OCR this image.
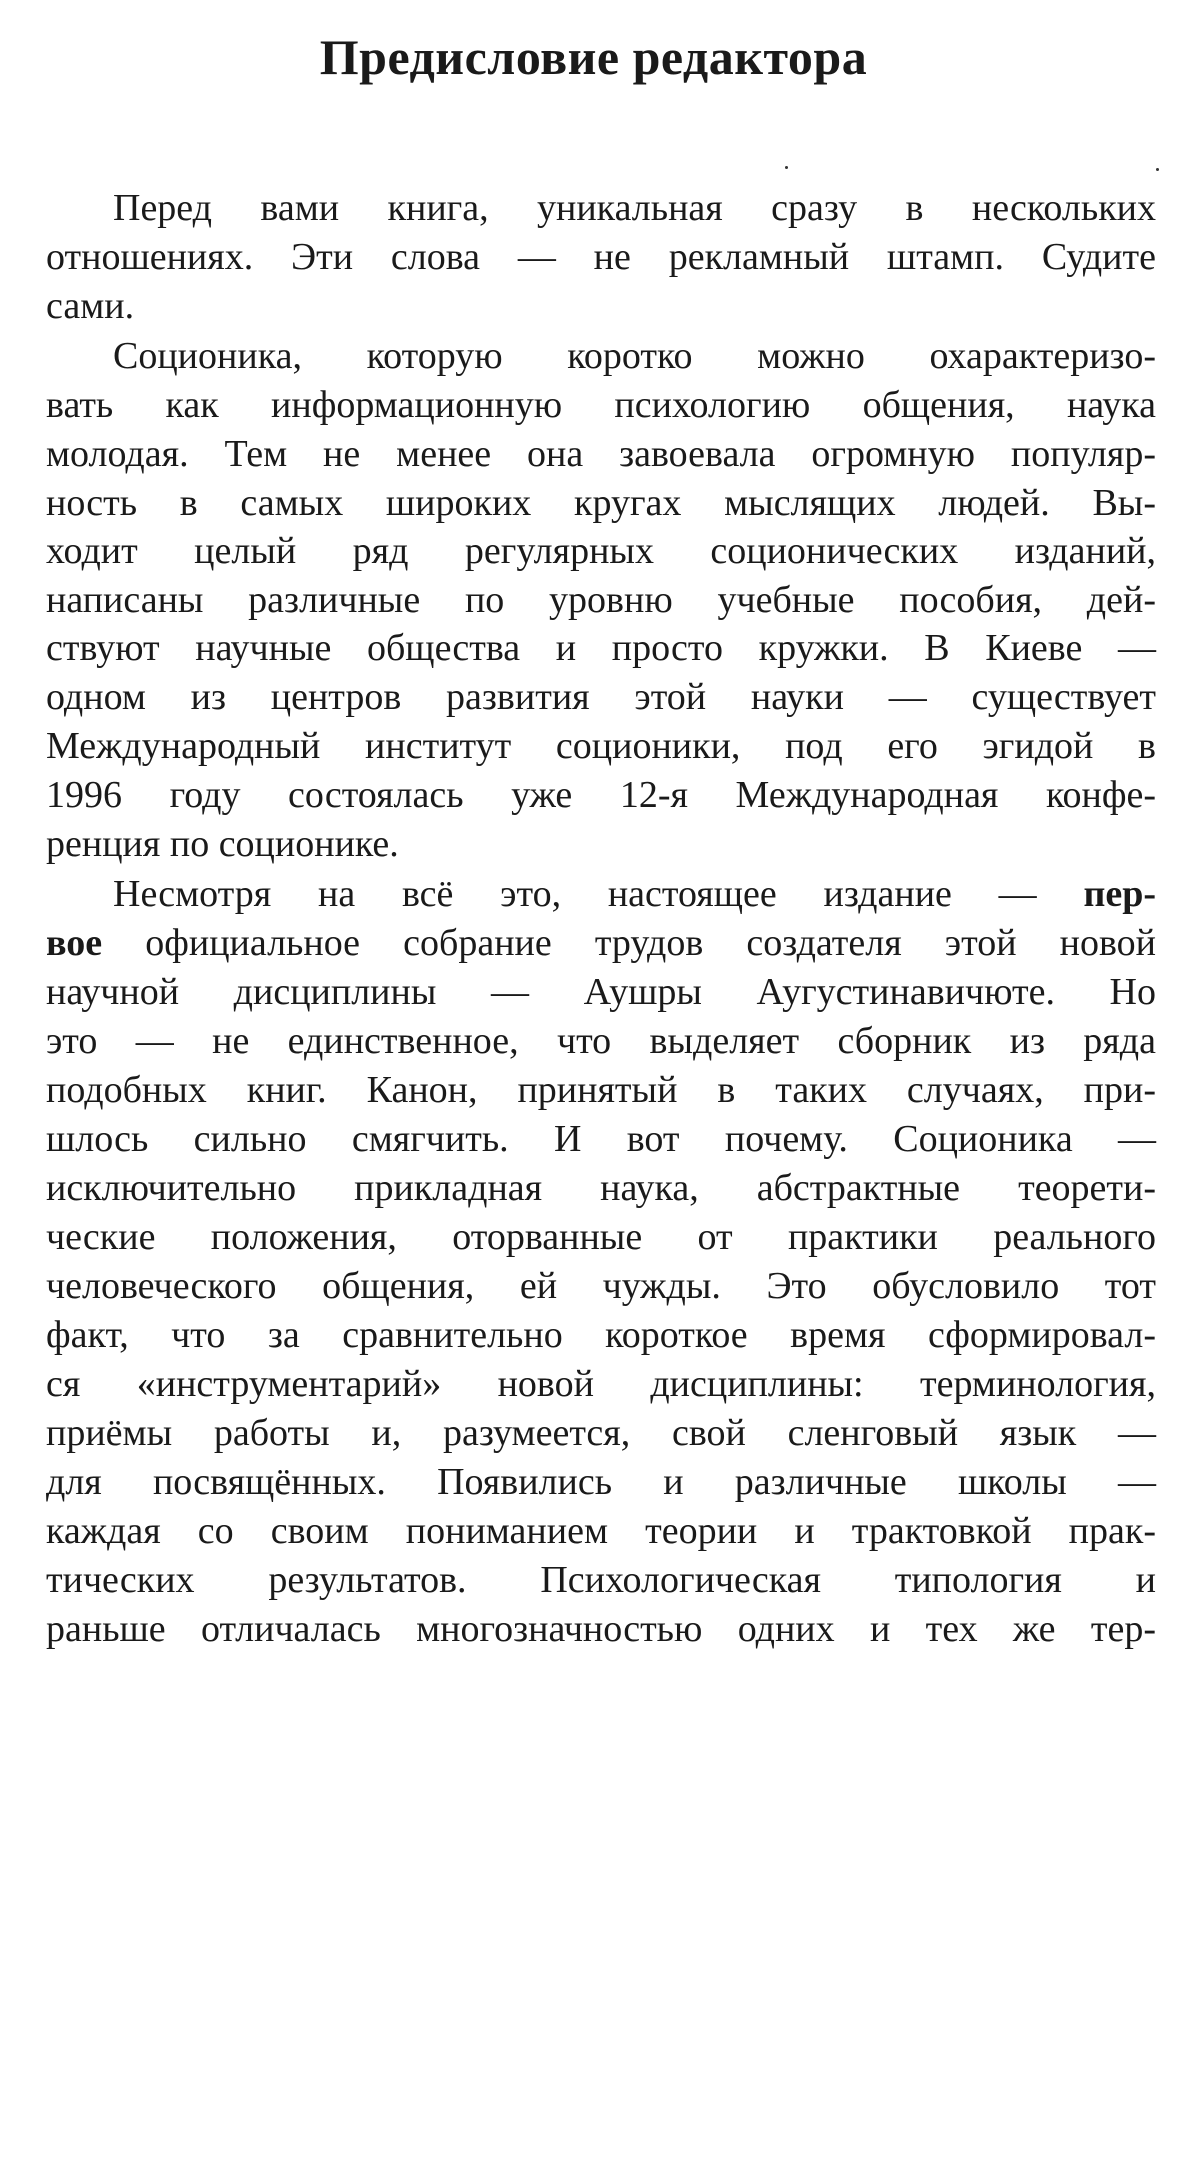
Предисловие редактора

Перед вами книга, уникальная сразу в нескольких

отношениях. Эти слова — не рекламный штамп. Судите

сами.

Соционика, которую коротко можно охарактеризо-

вать как информационную психологию общения, наука

молодая. Тем не менее она завоевала огромную популяр-

ность в самых широких кругах мыслящих людей. Вы-

ходит целый ряд регулярных соционических изданий,

написаны различные по уровню учебные пособия, дей-

ствуют научные общества и просто кружки. В Киеве —

одном из центров развития этой науки — существует

Международный институт соционики, под его эгидой в

1996 году состоялась уже 12-я Международная конфе-

ренция по соционике.

Несмотря на всё это, настоящее издание — пер-

вое официальное собрание трудов создателя этой новой

научной дисциплины — Аушры Аугустинавичюте. Но

это — не единственное, что выделяет сборник из ряда

подобных книг. Канон, принятый в таких случаях, при-

шлось сильно смягчить. И вот почему. Соционика —

исключительно прикладная наука, абстрактные теорети-

ческие положения, оторванные от практики реального

человеческого общения, ей чужды. Это обусловило тот

факт, что за сравнительно короткое время сформировал-

ся «инструментарий» новой дисциплины: терминология,

приёмы работы и, разумеется, свой сленговый язык —

для посвящённых. Появились и различные школы —

каждая со своим пониманием теории и трактовкой прак-

тических результатов. Психологическая типология и

раньше отличалась многозначностью одних и тех же тер-
